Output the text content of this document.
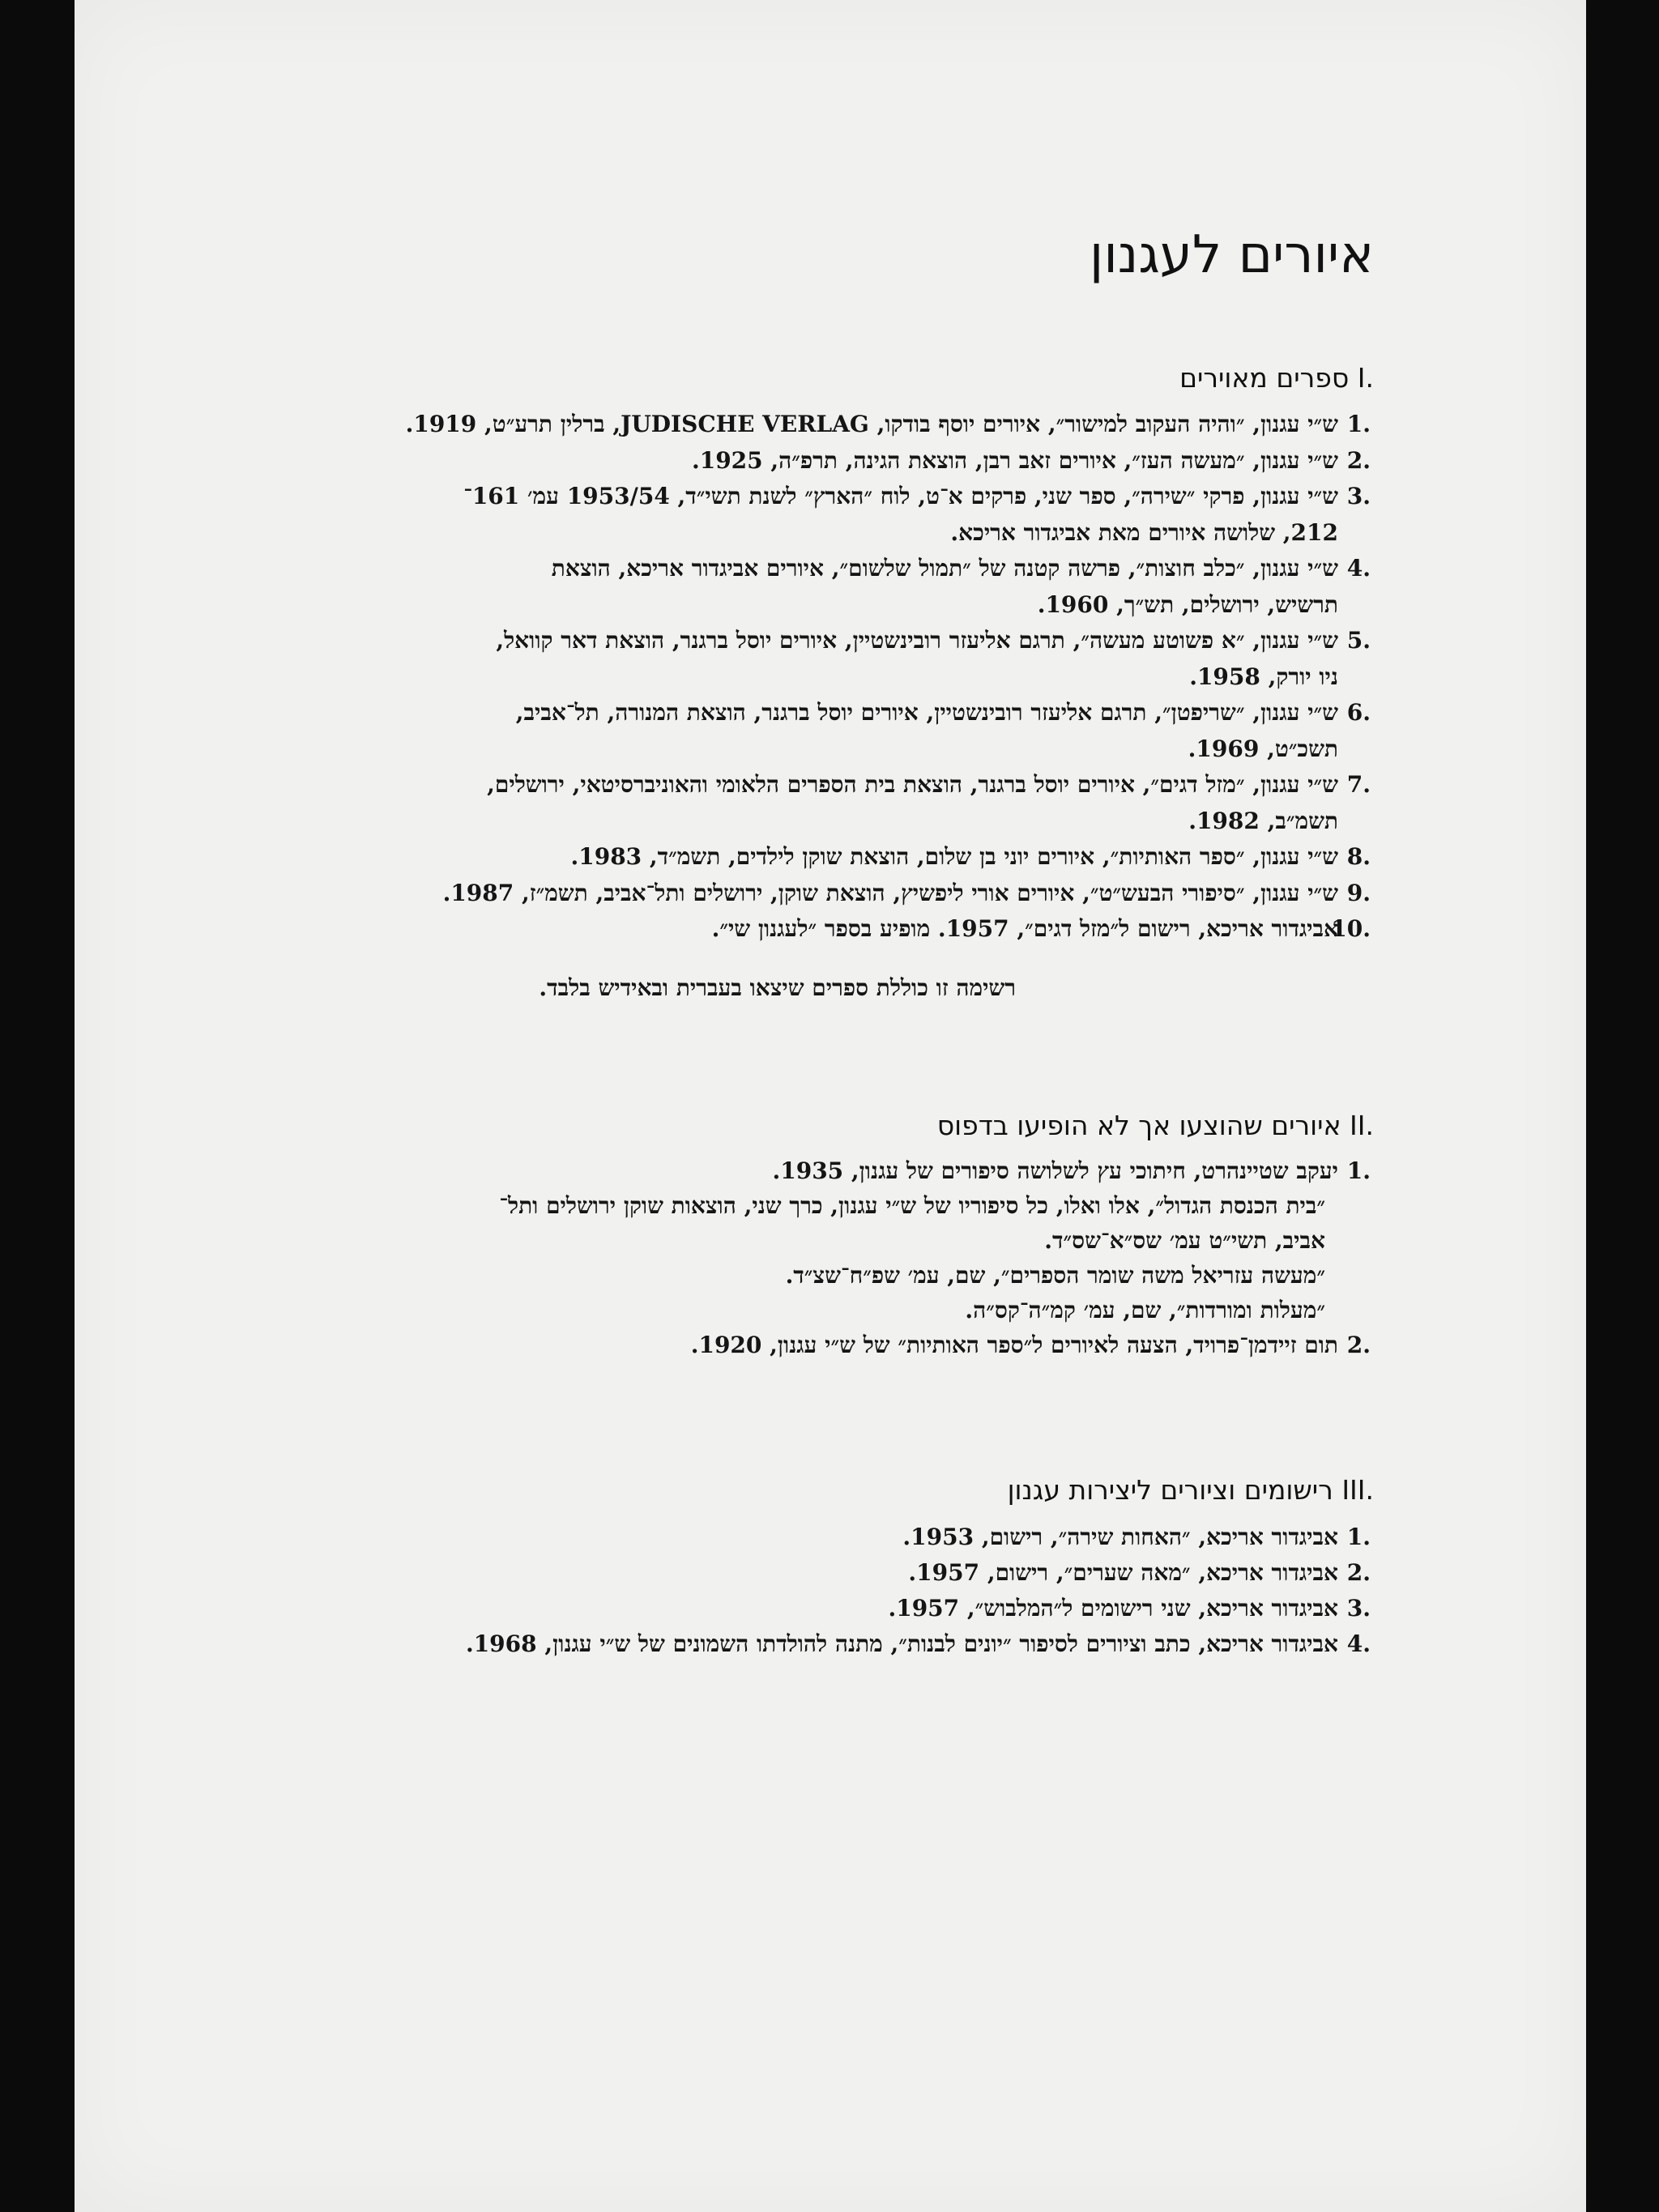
איורים לעגנון
I. ספרים מאוירים
1.
ש״י עגנון, ״והיה העקוב למישור״, איורים יוסף בודקו, JUDISCHE VERLAG, ברלין תרע״ט, 1919.
2.
ש״י עגנון, ״מעשה העז״, איורים זאב רבן, הוצאת הגינה, תרפ״ה, 1925.
3.
ש״י עגנון, פרקי ״שירה״, ספר שני, פרקים א־ט, לוח ״הארץ״ לשנת תשי״ד, 1953/54 עמ׳ 161־
212, שלושה איורים מאת אביגדור אריכא.
4.
ש״י עגנון, ״כלב חוצות״, פרשה קטנה של ״תמול שלשום״, איורים אביגדור אריכא, הוצאת
תרשיש, ירושלים, תש״ך, 1960.
5.
ש״י עגנון, ״א פשוטע מעשה״, תרגם אליעזר רובינשטיין, איורים יוסל ברגנר, הוצאת דאר קוואל,
ניו יורק, 1958.
6.
ש״י עגנון, ״שריפטן״, תרגם אליעזר רובינשטיין, איורים יוסל ברגנר, הוצאת המנורה, תל־אביב,
תשכ״ט, 1969.
7.
ש״י עגנון, ״מזל דגים״, איורים יוסל ברגנר, הוצאת בית הספרים הלאומי והאוניברסיטאי, ירושלים,
תשמ״ב, 1982.
8.
ש״י עגנון, ״ספר האותיות״, איורים יוני בן שלום, הוצאת שוקן לילדים, תשמ״ד, 1983.
9.
ש״י עגנון, ״סיפורי הבעש״ט״, איורים אורי ליפשיץ, הוצאת שוקן, ירושלים ותל־אביב, תשמ״ז, 1987.
10.
אביגדור אריכא, רישום ל״מזל דגים״, 1957. מופיע בספר ״לעגנון שי״.

רשימה זו כוללת ספרים שיצאו בעברית ובאידיש בלבד.

II. איורים שהוצעו אך לא הופיעו בדפוס
1.
יעקב שטיינהרט, חיתוכי עץ לשלושה סיפורים של עגנון, 1935.
״בית הכנסת הגדול״, אלו ואלו, כל סיפוריו של ש״י עגנון, כרך שני, הוצאות שוקן ירושלים ותל־
אביב, תשי״ט עמ׳ שס״א־שס״ד.
״מעשה עזריאל משה שומר הספרים״, שם, עמ׳ שפ״ח־שצ״ד.
״מעלות ומורדות״, שם, עמ׳ קמ״ה־קס״ה.
2.
תום זיידמן־פרויד, הצעה לאיורים ל״ספר האותיות״ של ש״י עגנון, 1920.
III. רישומים וציורים ליצירות עגנון
1.
אביגדור אריכא, ״האחות שירה״, רישום, 1953.
2.
אביגדור אריכא, ״מאה שערים״, רישום, 1957.
3.
אביגדור אריכא, שני רישומים ל״המלבוש״, 1957.
4.
אביגדור אריכא, כתב וציורים לסיפור ״יונים לבנות״, מתנה להולדתו השמונים של ש״י עגנון, 1968.
